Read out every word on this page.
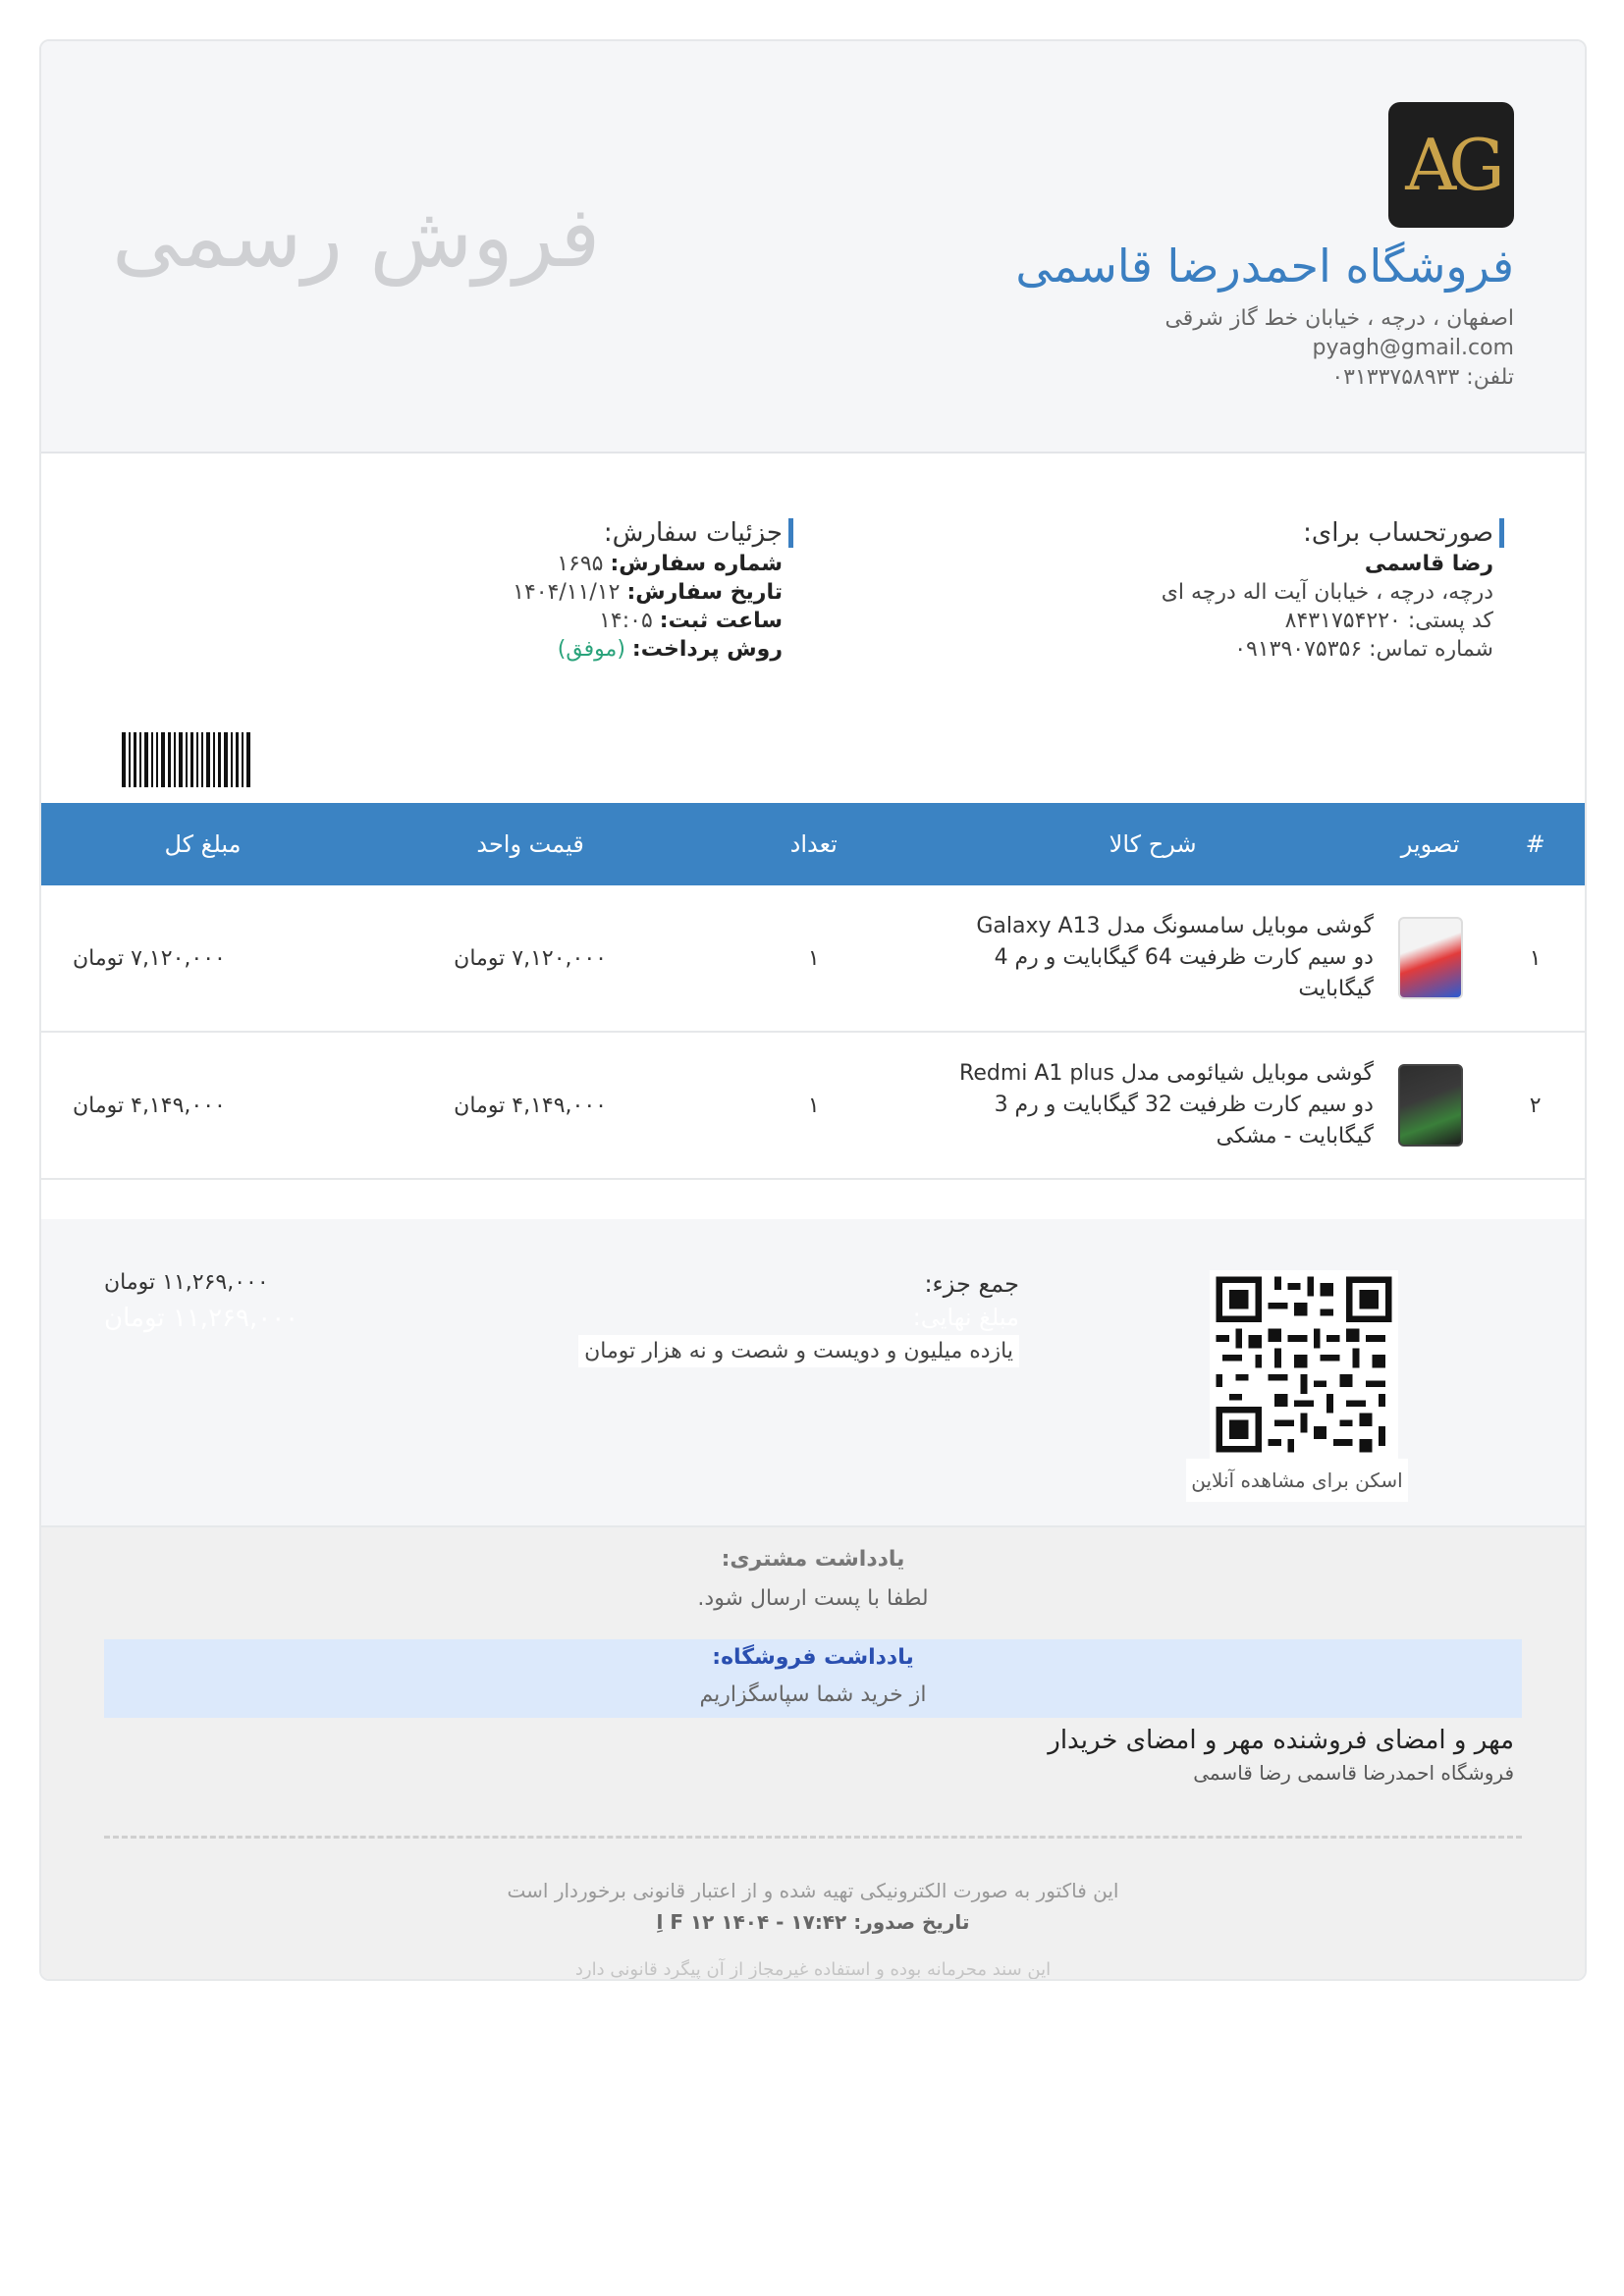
AG
فروشگاه احمدرضا قاسمی
اصفهان ، درچه ، خیابان خط گاز شرقی
pyagh@gmail.com
تلفن: ۰۳۱۳۳۷۵۸۹۳۳
فروش رسمی
صورتحساب برای:
رضا قاسمی
درچه، درچه ، خیابان آیت اله درچه ای
کد پستی: ۸۴۳۱۷۵۴۲۲۰
شماره تماس: ۰۹۱۳۹۰۷۵۳۵۶
جزئیات سفارش:
شماره سفارش: ۱۶۹۵
تاریخ سفارش: ۱۴۰۴/۱۱/۱۲
ساعت ثبت: ۱۴:۰۵
روش پرداخت: (موفق)
#	تصویر	شرح کالا	تعداد	قیمت واحد	مبلغ کل
۱		گوشی موبایل سامسونگ مدل Galaxy A13 دو سیم کارت ظرفیت 64 گیگابایت و رم 4 گیگابایت	۱	۷,۱۲۰,۰۰۰ تومان	۷,۱۲۰,۰۰۰ تومان
۲		گوشی موبایل شیائومی مدل Redmi A1 plus دو سیم کارت ظرفیت 32 گیگابایت و رم 3 گیگابایت - مشکی	۱	۴,۱۴۹,۰۰۰ تومان	۴,۱۴۹,۰۰۰ تومان
اسکن برای مشاهده آنلاین
جمع جزء:
مبلغ نهایی:
یازده میلیون و دویست و شصت و نه هزار تومان
۱۱,۲۶۹,۰۰۰ تومان
۱۱,۲۶۹,۰۰۰ تومان
یادداشت مشتری:
لطفا با پست ارسال شود.
یادداشت فروشگاه:
از خرید شما سپاسگزاریم
مهر و امضای فروشنده مهر و امضای خریدار
فروشگاه احمدرضا قاسمی رضا قاسمی
این فاکتور به صورت الکترونیکی تهیه شده و از اعتبار قانونی برخوردار است
تاریخ صدور: ۱۷:۴۲ - ۱۴۰۴ F ۱۲ اِ
این سند محرمانه بوده و استفاده غیرمجاز از آن پیگرد قانونی دارد
